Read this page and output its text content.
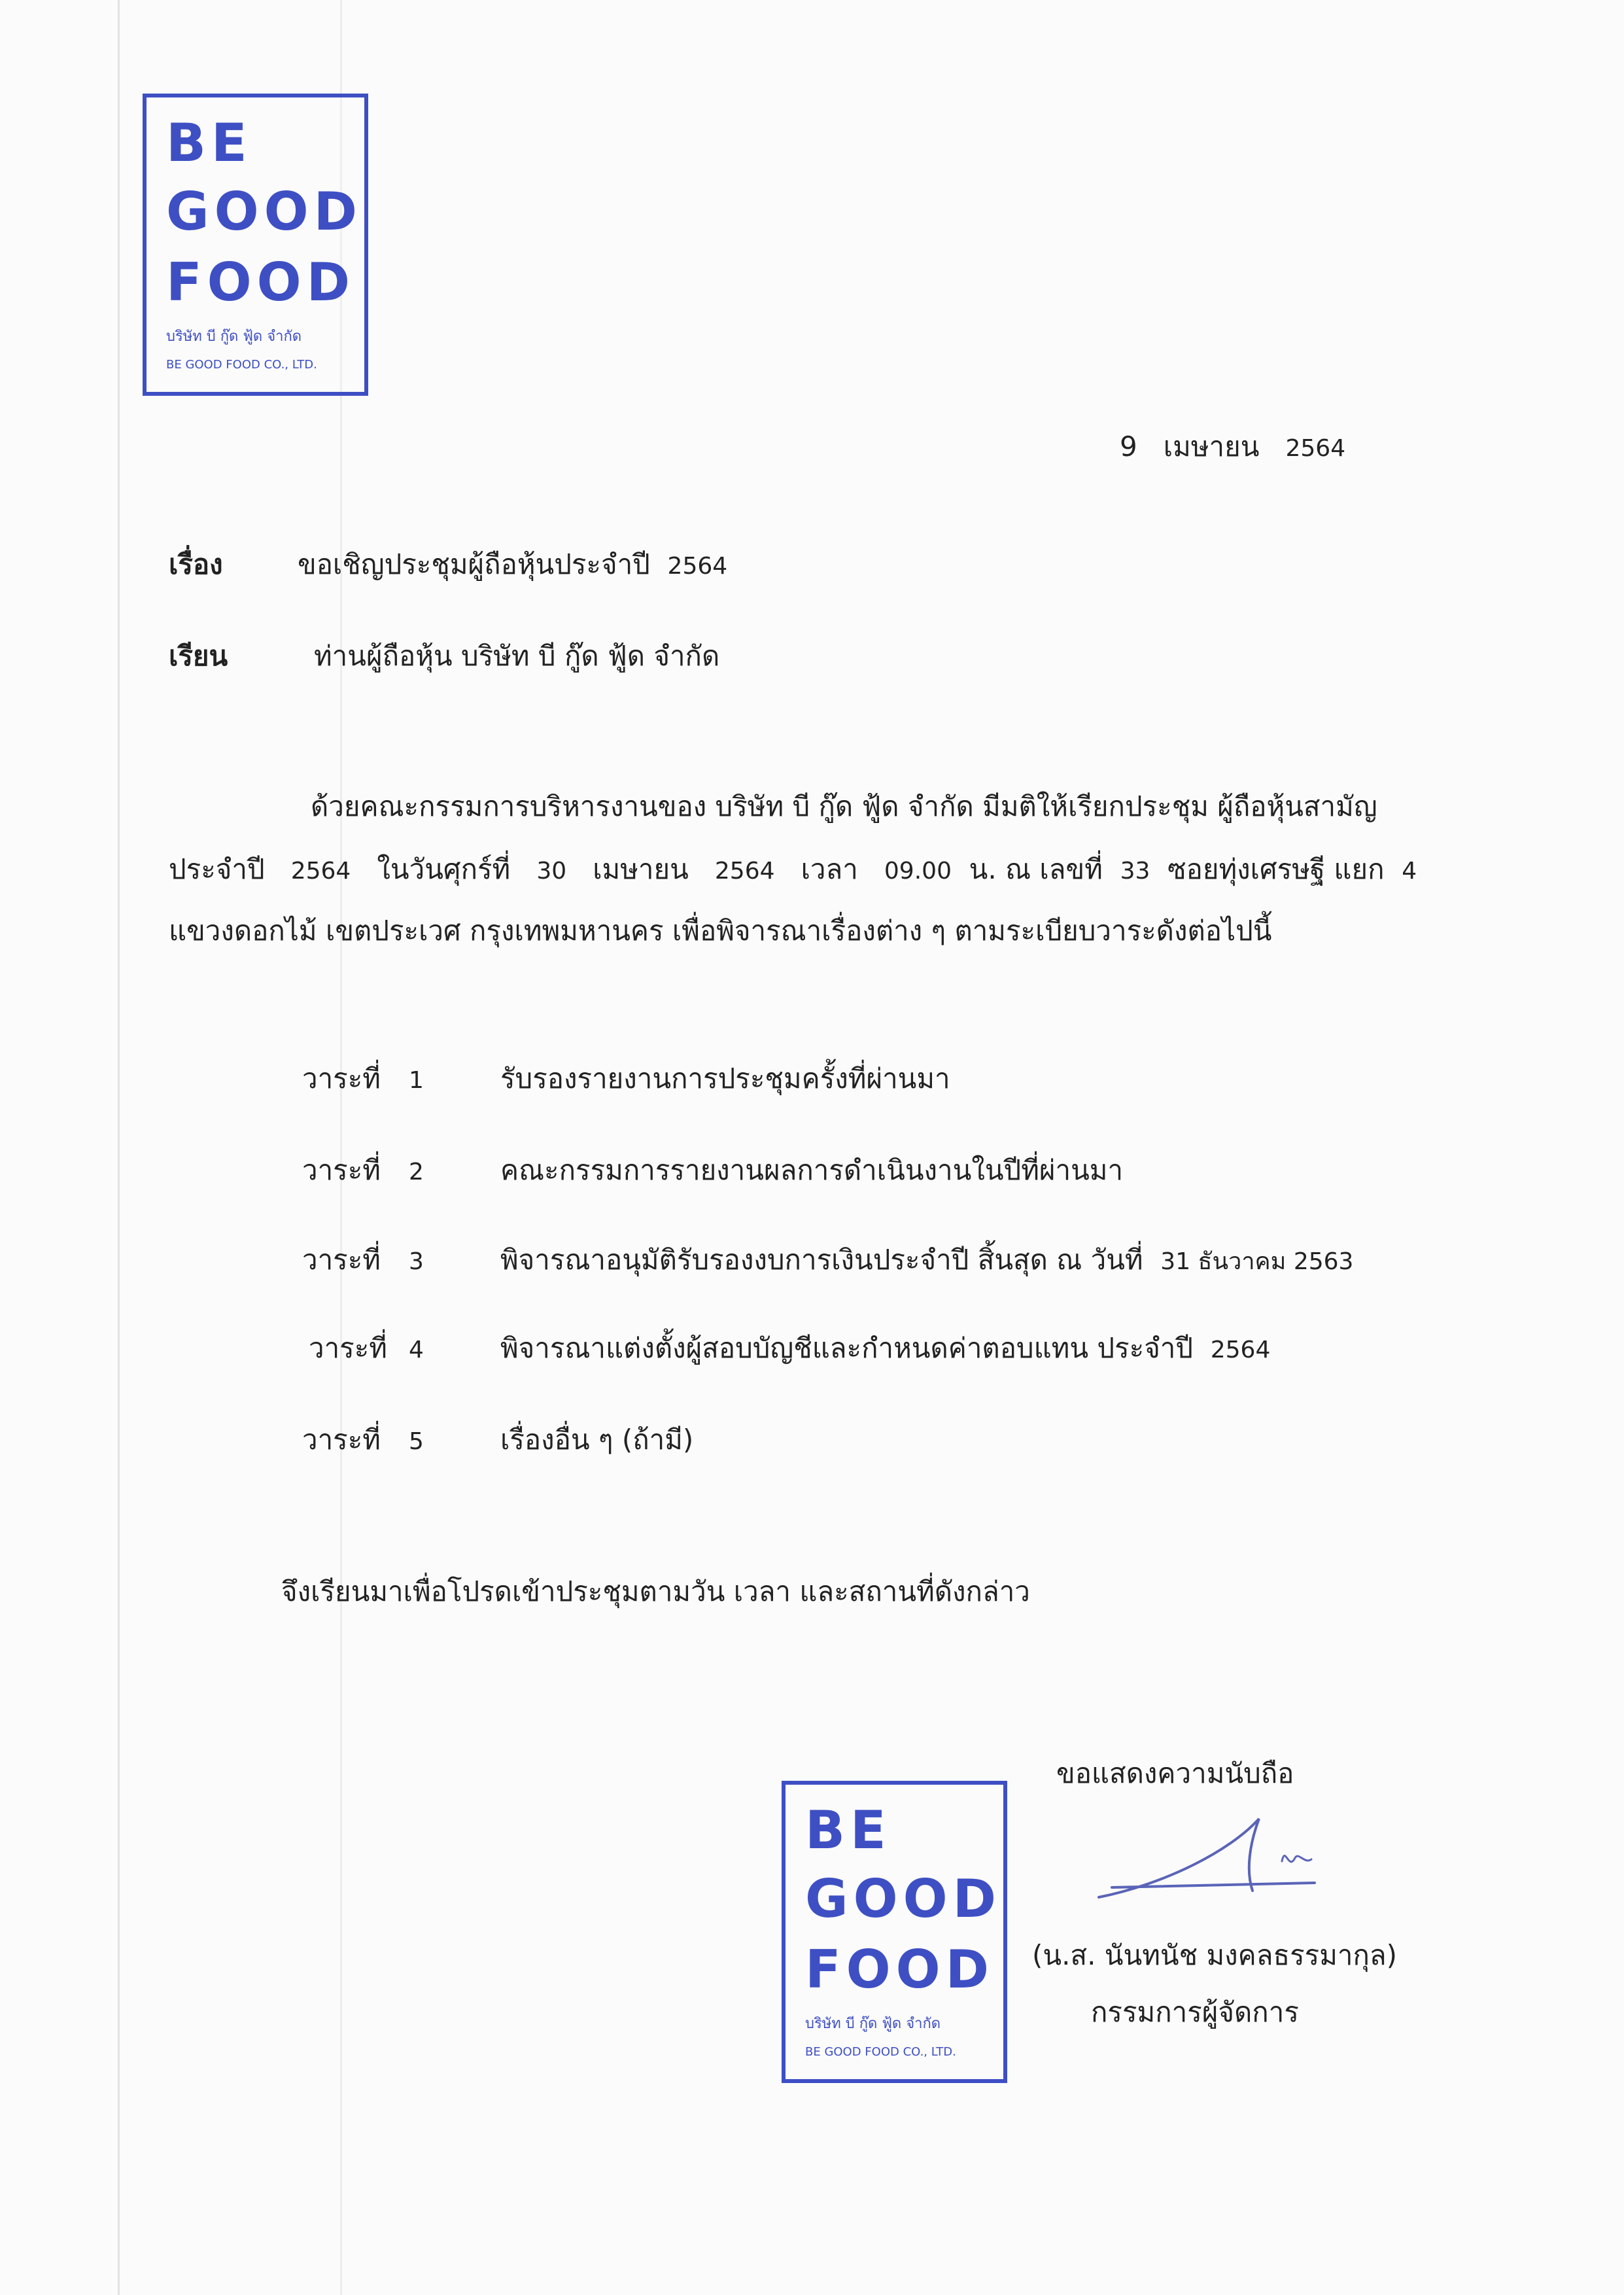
BE
GOOD
FOOD
บริษัท บี กู๊ด ฟู้ด จำกัด
BE GOOD FOOD CO., LTD.
9 เมษายน 2564
เรื่อง	ขอเชิญประชุมผู้ถือหุ้นประจำปี 2564
เรียน	ท่านผู้ถือหุ้น บริษัท บี กู๊ด ฟู้ด จำกัด
ด้วยคณะกรรมการบริหารงานของ บริษัท บี กู๊ด ฟู้ด จำกัด มีมติให้เรียกประชุม ผู้ถือหุ้นสามัญ
ประจำปี 2564 ในวันศุกร์ที่ 30 เมษายน 2564 เวลา 09.00 น. ณ เลขที่ 33 ซอยทุ่งเศรษฐี แยก 4
แขวงดอกไม้ เขตประเวศ กรุงเทพมหานคร เพื่อพิจารณาเรื่องต่าง ๆ ตามระเบียบวาระดังต่อไปนี้
วาระที่ 1	รับรองรายงานการประชุมครั้งที่ผ่านมา
วาระที่ 2	คณะกรรมการรายงานผลการดำเนินงานในปีที่ผ่านมา
วาระที่ 3	พิจารณาอนุมัติรับรองงบการเงินประจำปี สิ้นสุด ณ วันที่ 31 ธันวาคม 2563
วาระที่ 4	พิจารณาแต่งตั้งผู้สอบบัญชีและกำหนดค่าตอบแทน ประจำปี 2564
วาระที่ 5	เรื่องอื่น ๆ (ถ้ามี)
จึงเรียนมาเพื่อโปรดเข้าประชุมตามวัน เวลา และสถานที่ดังกล่าว
BE
GOOD
FOOD
บริษัท บี กู๊ด ฟู้ด จำกัด
BE GOOD FOOD CO., LTD.
ขอแสดงความนับถือ
(น.ส. นันทนัช มงคลธรรมากุล)
กรรมการผู้จัดการ
